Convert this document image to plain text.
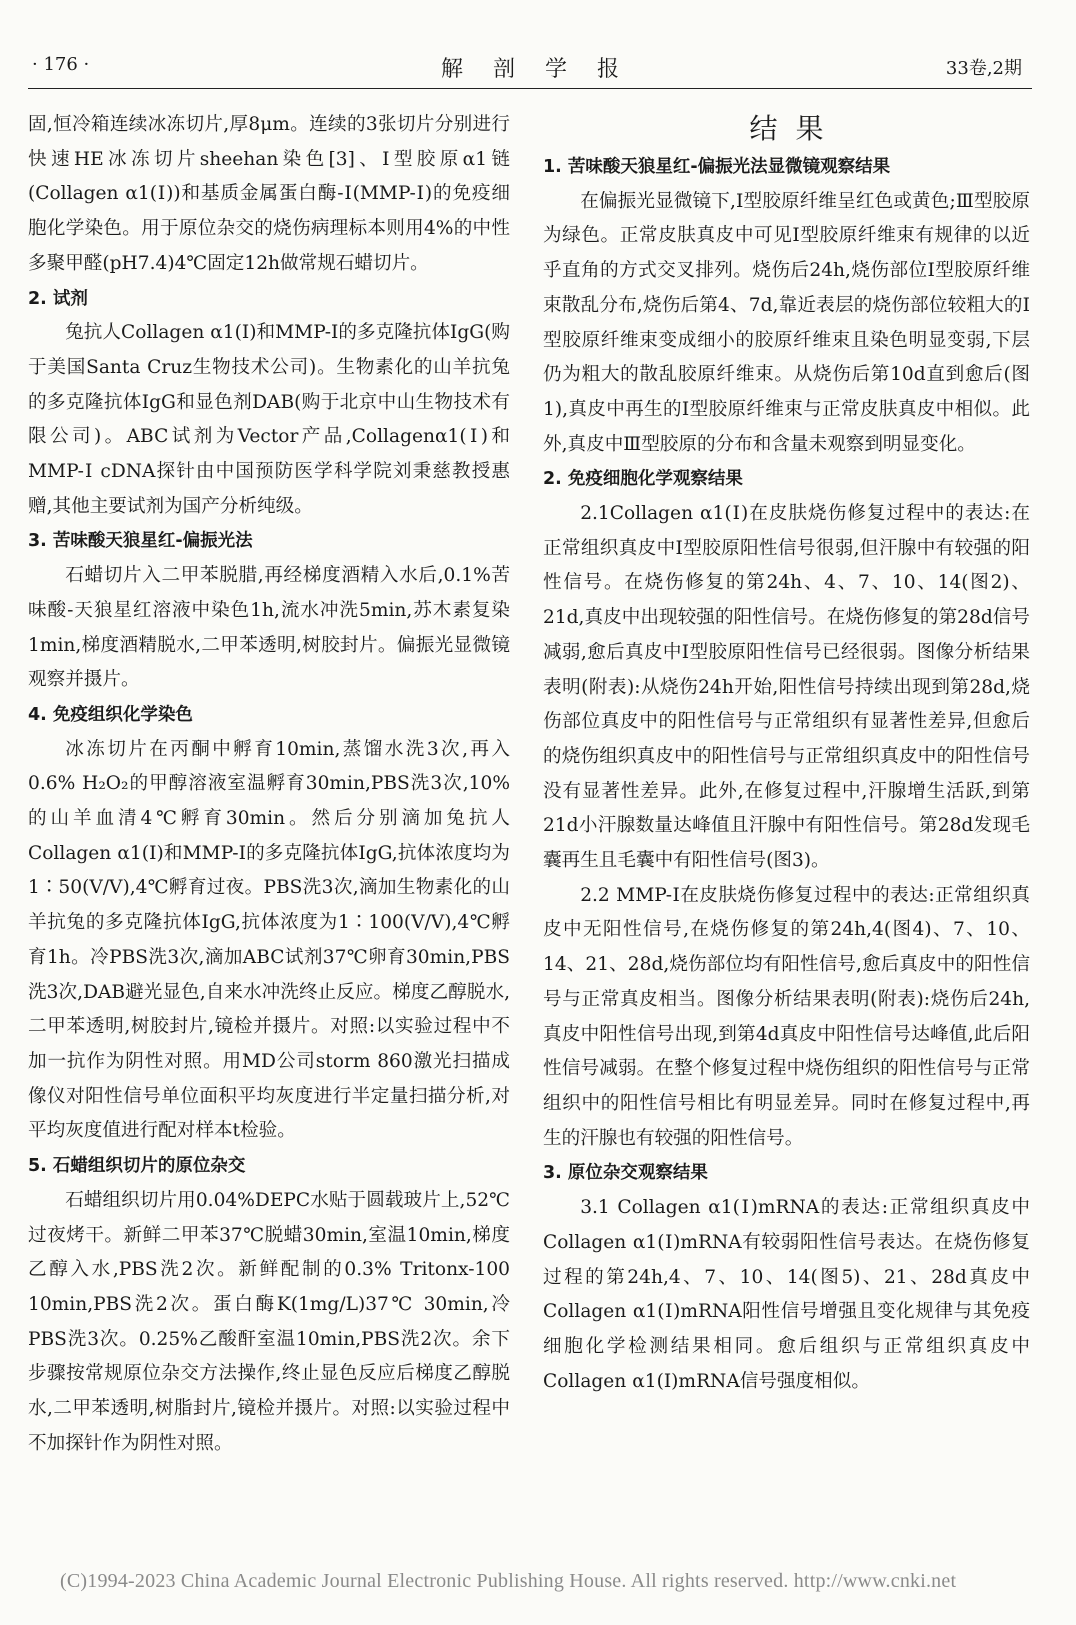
· 176 ·	解剖学报	33卷,2期

固,恒冷箱连续冰冻切片,厚8μm。连续的3张切片分别进行快速HE冰冻切片sheehan染色[3]、Ⅰ型胶原α1链(Collagen α1(Ⅰ))和基质金属蛋白酶-Ⅰ(MMP-Ⅰ)的免疫细胞化学染色。用于原位杂交的烧伤病理标本则用4%的中性多聚甲醛(pH7.4)4℃固定12h做常规石蜡切片。

2. 试剂

兔抗人Collagen α1(Ⅰ)和MMP-Ⅰ的多克隆抗体IgG(购于美国Santa Cruz生物技术公司)。生物素化的山羊抗兔的多克隆抗体IgG和显色剂DAB(购于北京中山生物技术有限公司)。ABC试剂为Vector产品,Collagenα1(Ⅰ)和MMP-Ⅰ cDNA探针由中国预防医学科学院刘秉慈教授惠赠,其他主要试剂为国产分析纯级。

3. 苦味酸天狼星红-偏振光法

石蜡切片入二甲苯脱腊,再经梯度酒精入水后,0.1%苦味酸-天狼星红溶液中染色1h,流水冲洗5min,苏木素复染1min,梯度酒精脱水,二甲苯透明,树胶封片。偏振光显微镜观察并摄片。

4. 免疫组织化学染色

冰冻切片在丙酮中孵育10min,蒸馏水洗3次,再入0.6% H₂O₂的甲醇溶液室温孵育30min,PBS洗3次,10%的山羊血清4℃孵育30min。然后分别滴加兔抗人Collagen α1(Ⅰ)和MMP-Ⅰ的多克隆抗体IgG,抗体浓度均为1∶50(V/V),4℃孵育过夜。PBS洗3次,滴加生物素化的山羊抗兔的多克隆抗体IgG,抗体浓度为1∶100(V/V),4℃孵育1h。冷PBS洗3次,滴加ABC试剂37℃卵育30min,PBS洗3次,DAB避光显色,自来水冲洗终止反应。梯度乙醇脱水,二甲苯透明,树胶封片,镜检并摄片。对照:以实验过程中不加一抗作为阴性对照。用MD公司storm 860激光扫描成像仪对阳性信号单位面积平均灰度进行半定量扫描分析,对平均灰度值进行配对样本t检验。

5. 石蜡组织切片的原位杂交

石蜡组织切片用0.04%DEPC水贴于圆载玻片上,52℃过夜烤干。新鲜二甲苯37℃脱蜡30min,室温10min,梯度乙醇入水,PBS洗2次。新鲜配制的0.3% Tritonx-100 10min,PBS洗2次。蛋白酶K(1mg/L)37℃ 30min,冷PBS洗3次。0.25%乙酸酐室温10min,PBS洗2次。余下步骤按常规原位杂交方法操作,终止显色反应后梯度乙醇脱水,二甲苯透明,树脂封片,镜检并摄片。对照:以实验过程中不加探针作为阴性对照。

结果

1. 苦味酸天狼星红-偏振光法显微镜观察结果

在偏振光显微镜下,Ⅰ型胶原纤维呈红色或黄色;Ⅲ型胶原为绿色。正常皮肤真皮中可见Ⅰ型胶原纤维束有规律的以近乎直角的方式交叉排列。烧伤后24h,烧伤部位Ⅰ型胶原纤维束散乱分布,烧伤后第4、7d,靠近表层的烧伤部位较粗大的Ⅰ型胶原纤维束变成细小的胶原纤维束且染色明显变弱,下层仍为粗大的散乱胶原纤维束。从烧伤后第10d直到愈后(图1),真皮中再生的Ⅰ型胶原纤维束与正常皮肤真皮中相似。此外,真皮中Ⅲ型胶原的分布和含量未观察到明显变化。

2. 免疫细胞化学观察结果

2.1Collagen α1(Ⅰ)在皮肤烧伤修复过程中的表达:在正常组织真皮中Ⅰ型胶原阳性信号很弱,但汗腺中有较强的阳性信号。在烧伤修复的第24h、4、7、10、14(图2)、21d,真皮中出现较强的阳性信号。在烧伤修复的第28d信号减弱,愈后真皮中Ⅰ型胶原阳性信号已经很弱。图像分析结果表明(附表):从烧伤24h开始,阳性信号持续出现到第28d,烧伤部位真皮中的阳性信号与正常组织有显著性差异,但愈后的烧伤组织真皮中的阳性信号与正常组织真皮中的阳性信号没有显著性差异。此外,在修复过程中,汗腺增生活跃,到第21d小汗腺数量达峰值且汗腺中有阳性信号。第28d发现毛囊再生且毛囊中有阳性信号(图3)。

2.2 MMP-Ⅰ在皮肤烧伤修复过程中的表达:正常组织真皮中无阳性信号,在烧伤修复的第24h,4(图4)、7、10、14、21、28d,烧伤部位均有阳性信号,愈后真皮中的阳性信号与正常真皮相当。图像分析结果表明(附表):烧伤后24h,真皮中阳性信号出现,到第4d真皮中阳性信号达峰值,此后阳性信号减弱。在整个修复过程中烧伤组织的阳性信号与正常组织中的阳性信号相比有明显差异。同时在修复过程中,再生的汗腺也有较强的阳性信号。

3. 原位杂交观察结果

3.1 Collagen α1(Ⅰ)mRNA的表达:正常组织真皮中Collagen α1(Ⅰ)mRNA有较弱阳性信号表达。在烧伤修复过程的第24h,4、7、10、14(图5)、21、28d真皮中Collagen α1(Ⅰ)mRNA阳性信号增强且变化规律与其免疫细胞化学检测结果相同。愈后组织与正常组织真皮中Collagen α1(Ⅰ)mRNA信号强度相似。

(C)1994-2023 China Academic Journal Electronic Publishing House. All rights reserved. http://www.cnki.net
